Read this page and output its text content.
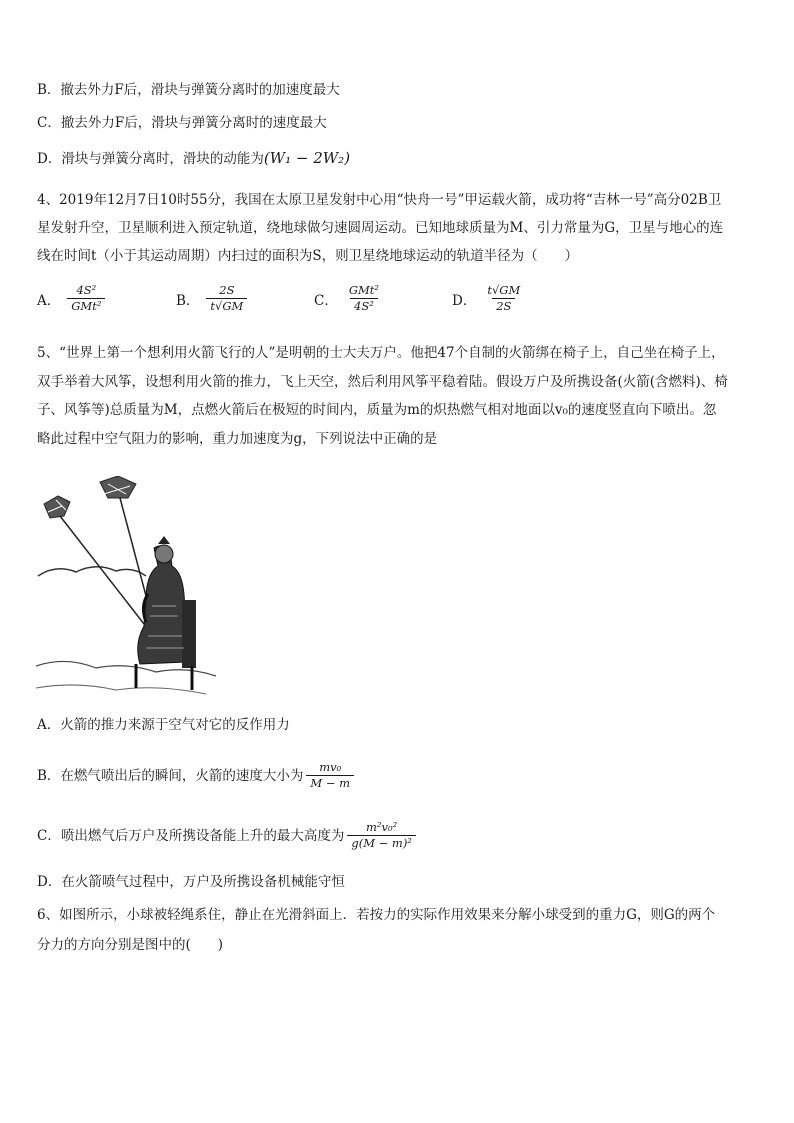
B．撤去外力F后，滑块与弹簧分离时的加速度最大
C．撤去外力F后，滑块与弹簧分离时的速度最大
D．滑块与弹簧分离时，滑块的动能为(W₁ − 2W₂)
4、2019年12月7日10时55分，我国在太原卫星发射中心用“快舟一号”甲运载火箭，成功将“吉林一号”高分02B卫
星发射升空，卫星顺利进入预定轨道，绕地球做匀速圆周运动。已知地球质量为M、引力常量为G，卫星与地心的连
线在时间t（小于其运动周期）内扫过的面积为S，则卫星绕地球运动的轨道半径为（　　）
A． $\frac{\text{4S²}}{\text{GMt²}}$	B． $\frac{2S}{t√GM}$	C． $\frac{\text{GMt²}}{\text{4S²}}$	D． $\frac{t√GM}{2S}$
5、“世界上第一个想利用火箭飞行的人”是明朝的士大夫万户。他把47个自制的火箭绑在椅子上，自己坐在椅子上，
双手举着大风筝，设想利用火箭的推力，飞上天空，然后利用风筝平稳着陆。假设万户及所携设备(火箭(含燃料)、椅
子、风筝等)总质量为M，点燃火箭后在极短的时间内，质量为m的炽热燃气相对地面以v₀的速度竖直向下喷出。忽
略此过程中空气阻力的影响，重力加速度为g，下列说法中正确的是
A．火箭的推力来源于空气对它的反作用力
B．在燃气喷出后的瞬间，火箭的速度大小为 $\frac{\text{mv₀}}{M - m}$
C．喷出燃气后万户及所携设备能上升的最大高度为 $\frac{\text{m²v₀²}}{\text{g(M − m)²}}$
D．在火箭喷气过程中，万户及所携设备机械能守恒
6、如图所示，小球被轻绳系住，静止在光滑斜面上．若按力的实际作用效果来分解小球受到的重力G，则G的两个
分力的方向分别是图中的(　　)
